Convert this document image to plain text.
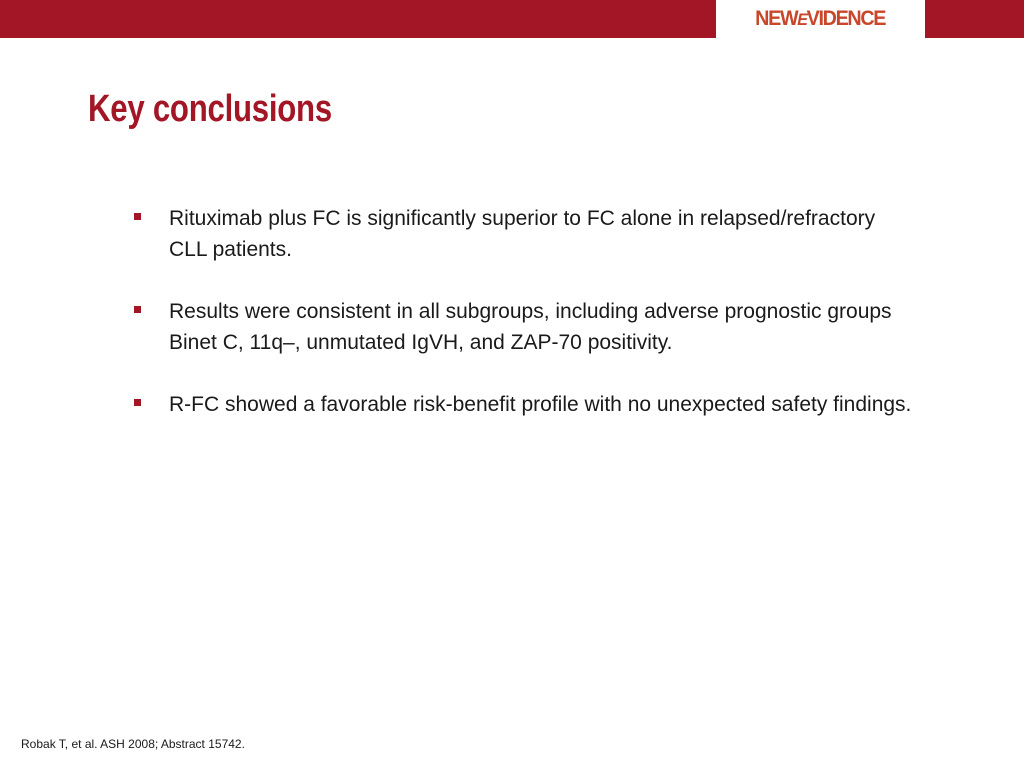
NEWEVIDENCE
Key conclusions
Rituximab plus FC is significantly superior to FC alone in relapsed/refractory CLL patients.
Results were consistent in all subgroups, including adverse prognostic groups Binet C, 11q–, unmutated IgVH, and ZAP-70 positivity.
R-FC showed a favorable risk-benefit profile with no unexpected safety findings.
Robak T, et al. ASH 2008; Abstract 15742.
